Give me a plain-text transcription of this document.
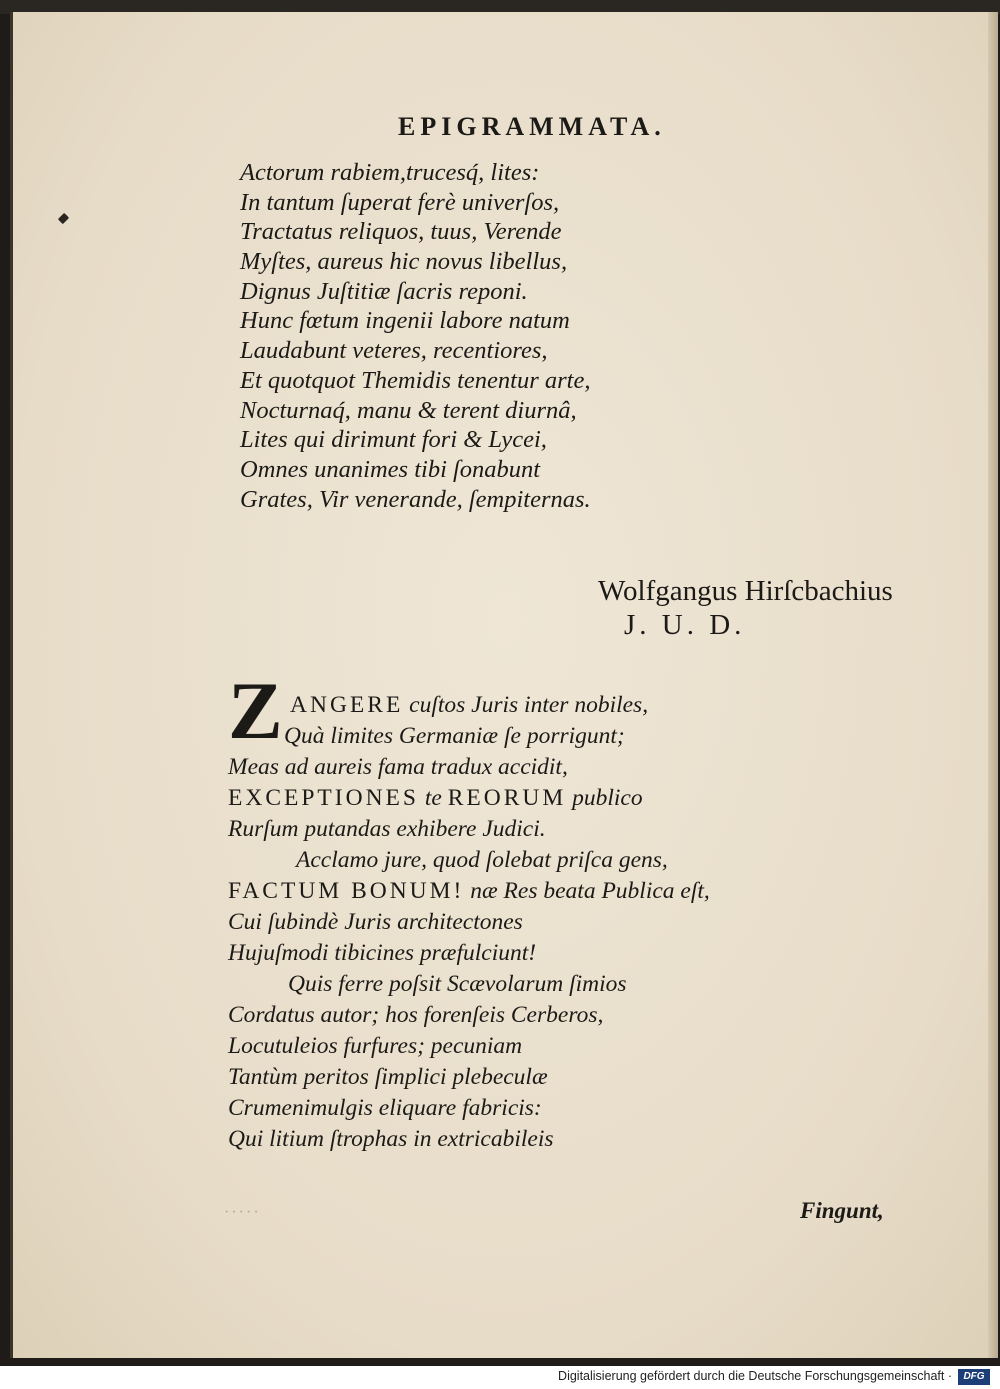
EPIGRAMMATA.
Actorum rabiem,trucesq́, lites:
In tantum ſuperat ferè univerſos,
Tractatus reliquos, tuus, Verende
Myſtes, aureus hic novus libellus,
Dignus Juſtitiæ ſacris reponi.
Hunc fœtum ingenii labore natum
Laudabunt veteres, recentiores,
Et quotquot Themidis tenentur arte,
Nocturnaq́, manu & terent diurnâ,
Lites qui dirimunt fori & Lycei,
Omnes unanimes tibi ſonabunt
Grates, Vir venerande, ſempiternas.
Wolfgangus Hirſcbachius
J. U. D.
Z ANGERE cuſtos Juris inter nobiles,
Quà limites Germaniæ ſe porrigunt;
Meas ad aureis fama tradux accidit,
EXCEPTIONES te REORUM publico
Rurſum putandas exhibere Judici.
Acclamo jure, quod ſolebat priſca gens,
FACTUM BONUM! næ Res beata Publica eſt,
Cui ſubindè Juris architectones
Hujuſmodi tibicines præfulciunt!
Quis ferre poſsit Scævolarum ſimios
Cordatus autor; hos forenſeis Cerberos,
Locutuleios furfures; pecuniam
Tantùm peritos ſimplici plebeculæ
Crumenimulgis eliquare fabricis:
Qui litium ſtrophas in extricabileis
·····	Fingunt,
Digitalisierung gefördert durch die Deutsche Forschungsgemeinschaft ·	DFG
